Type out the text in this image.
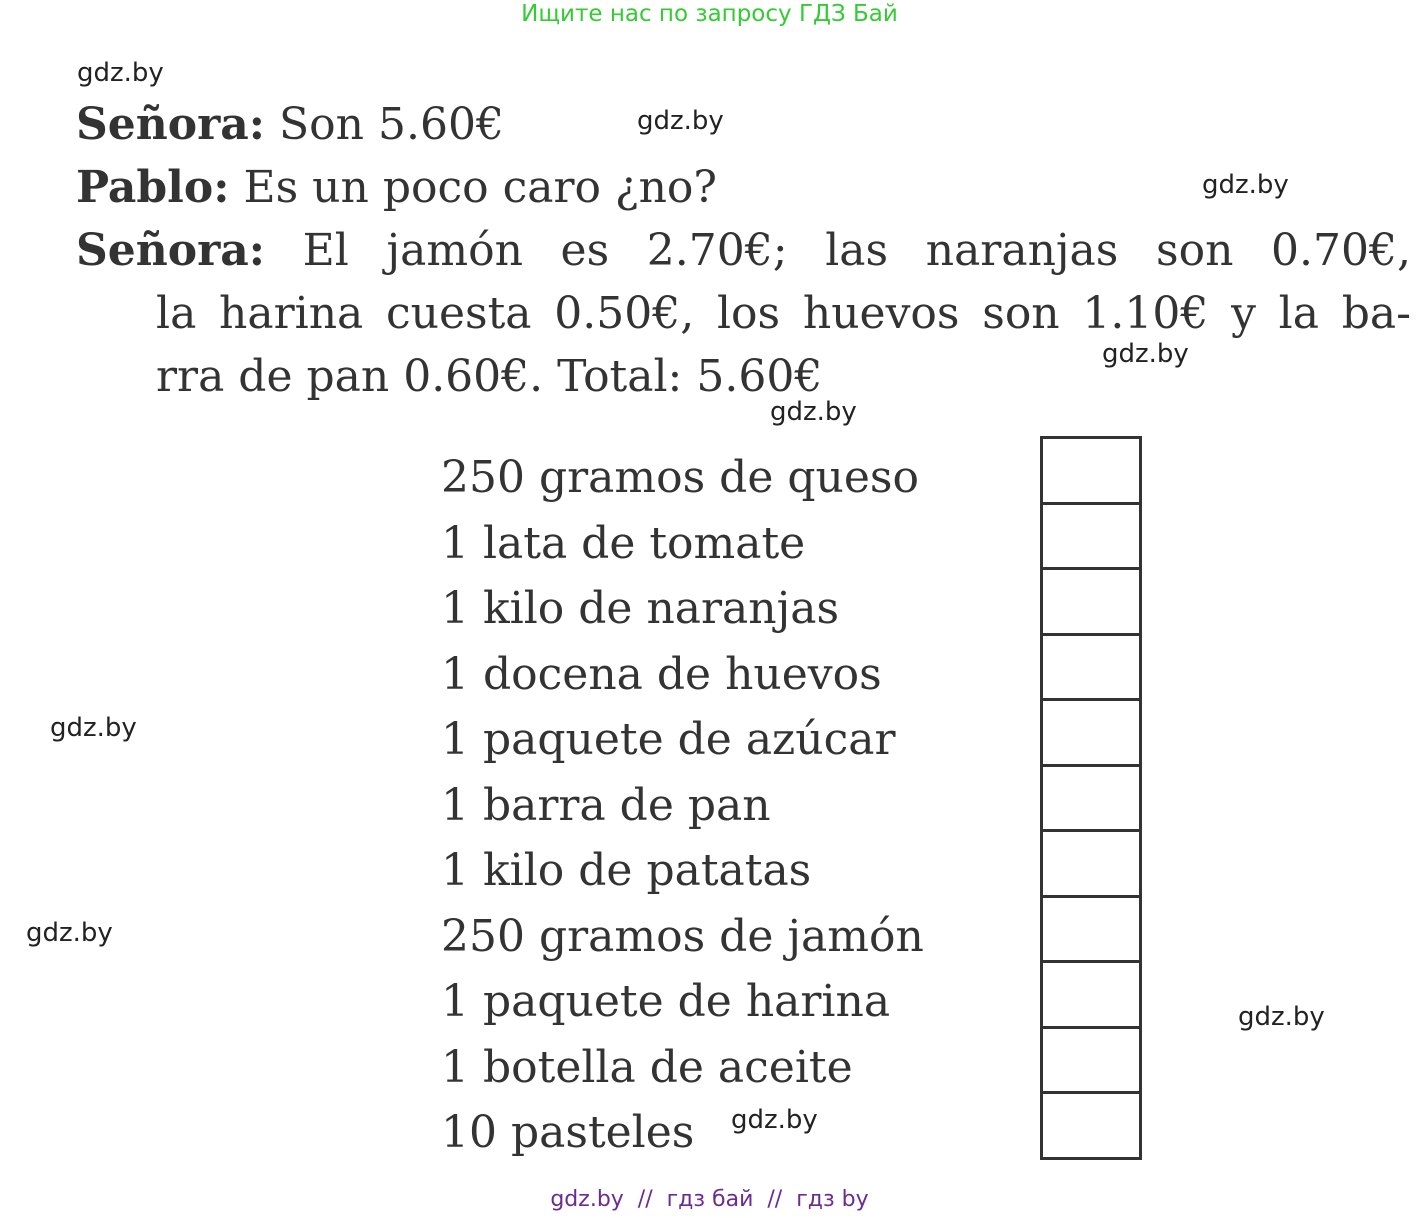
Ищите нас по запросу ГДЗ Бай
gdz.by
gdz.by
gdz.by
gdz.by
gdz.by
gdz.by
gdz.by
gdz.by
gdz.by
Señora: Son 5.60€
Pablo: Es un poco caro ¿no?
Señora: El jamón es 2.70€; las naranjas son 0.70€,
la harina cuesta 0.50€, los huevos son 1.10€ y la ba-
rra de pan 0.60€. Total: 5.60€
250 gramos de queso
1 lata de tomate
1 kilo de naranjas
1 docena de huevos
1 paquete de azúcar
1 barra de pan
1 kilo de patatas
250 gramos de jamón
1 paquete de harina
1 botella de aceite
10 pasteles
gdz.by  //  гдз бай  //  гдз by
